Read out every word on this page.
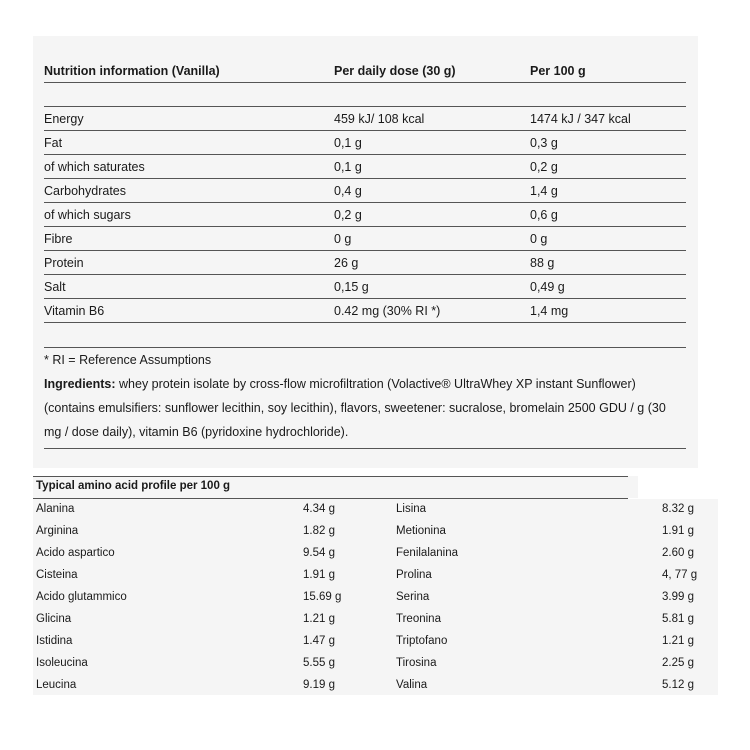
Nutrition information (Vanilla)	Per daily dose (30 g)	Per 100 g

Energy	459 kJ/ 108 kcal	1474 kJ / 347 kcal
Fat	0,1 g	0,3 g
of which saturates	0,1 g	0,2 g
Carbohydrates	0,4 g	1,4 g
of which sugars	0,2 g	0,6 g
Fibre	0 g	0 g
Protein	26 g	88 g
Salt	0,15 g	0,49 g
Vitamin B6	0.42 mg (30% RI *)	1,4 mg
* RI = Reference Assumptions
Ingredients: whey protein isolate by cross-flow microfiltration (Volactive® UltraWhey XP instant Sunflower) (contains emulsifiers: sunflower lecithin, soy lecithin), flavors, sweetener: sucralose, bromelain 2500 GDU / g (30 mg / dose daily), vitamin B6 (pyridoxine hydrochloride).
Typical amino acid profile per 100 g
Alanina	4.34 g	Lisina	8.32 g
Arginina	1.82 g	Metionina	1.91 g
Acido aspartico	9.54 g	Fenilalanina	2.60 g
Cisteina	1.91 g	Prolina	4, 77 g
Acido glutammico	15.69 g	Serina	3.99 g
Glicina	1.21 g	Treonina	5.81 g
Istidina	1.47 g	Triptofano	1.21 g
Isoleucina	5.55 g	Tirosina	2.25 g
Leucina	9.19 g	Valina	5.12 g
